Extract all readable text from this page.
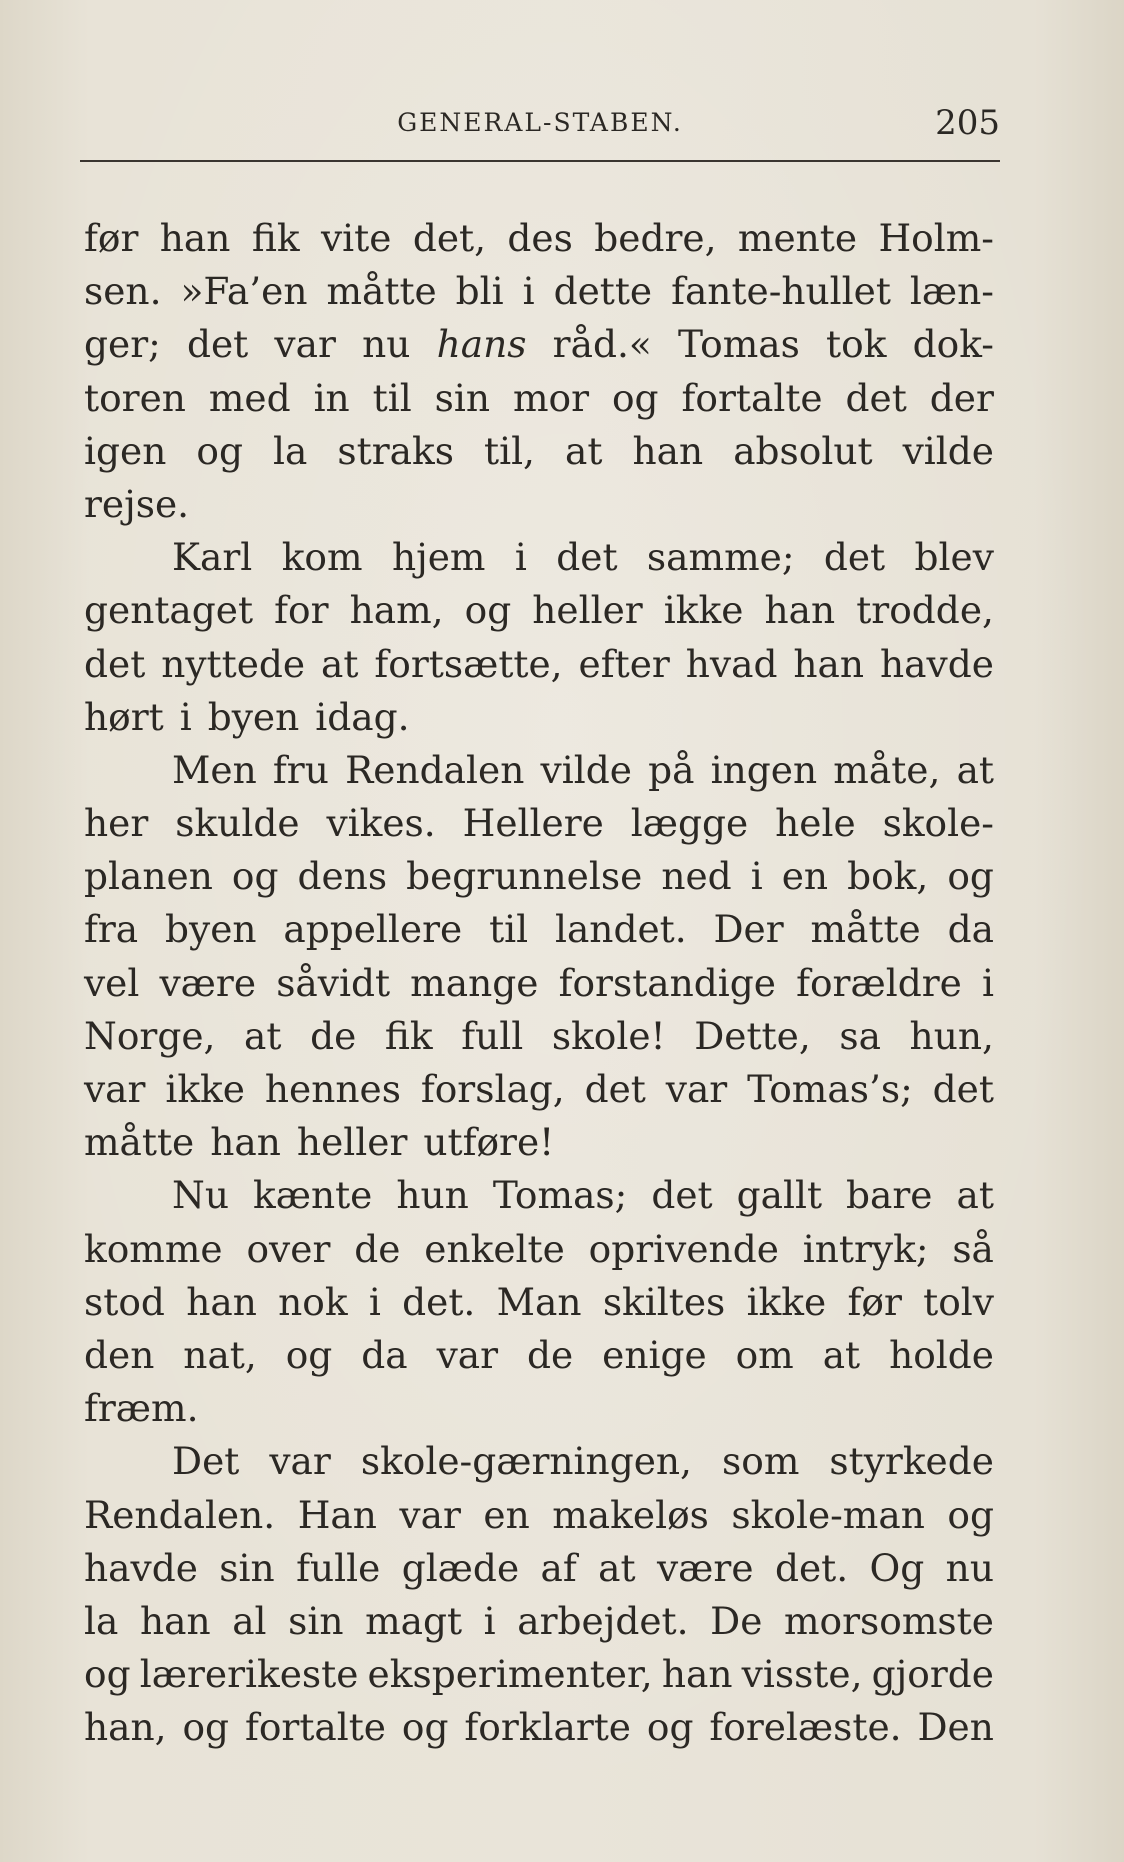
GENERAL-STABEN.	205
før han fik vite det, des bedre, mente Holm-
sen. »Fa’en måtte bli i dette fante-hullet læn-
ger; det var nu hans råd.« Tomas tok dok-
toren med in til sin mor og fortalte det der
igen og la straks til, at han absolut vilde
rejse.
Karl kom hjem i det samme; det blev
gentaget for ham, og heller ikke han trodde,
det nyttede at fortsætte, efter hvad han havde
hørt i byen idag.
Men fru Rendalen vilde på ingen måte, at
her skulde vikes. Hellere lægge hele skole-
planen og dens begrunnelse ned i en bok, og
fra byen appellere til landet. Der måtte da
vel være såvidt mange forstandige forældre i
Norge, at de fik full skole! Dette, sa hun,
var ikke hennes forslag, det var Tomas’s; det
måtte han heller utføre!
Nu kænte hun Tomas; det gallt bare at
komme over de enkelte oprivende intryk; så
stod han nok i det. Man skiltes ikke før tolv
den nat, og da var de enige om at holde
fræm.
Det var skole-gærningen, som styrkede
Rendalen. Han var en makeløs skole-man og
havde sin fulle glæde af at være det. Og nu
la han al sin magt i arbejdet. De morsomste
og lærerikeste eksperimenter, han visste, gjorde
han, og fortalte og forklarte og forelæste. Den
